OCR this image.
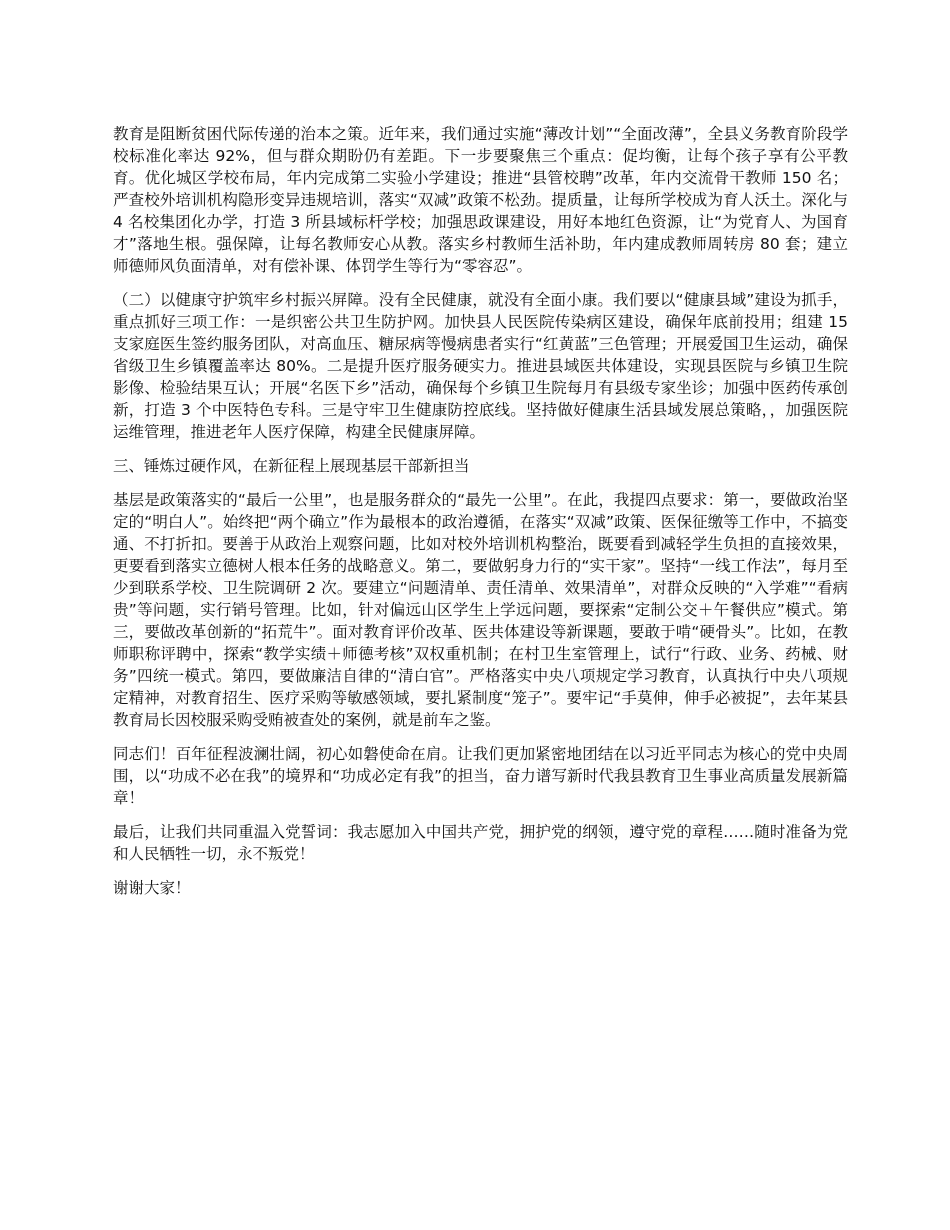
教育是阻断贫困代际传递的治本之策。近年来，我们通过实施“薄改计划”“全面改薄”，全县义务教育阶段学校标准化率达 92%，但与群众期盼仍有差距。下一步要聚焦三个重点：促均衡，让每个孩子享有公平教育。优化城区学校布局，年内完成第二实验小学建设；推进“县管校聘”改革，年内交流骨干教师 150 名；严查校外培训机构隐形变异违规培训，落实“双减”政策不松劲。提质量，让每所学校成为育人沃土。深化与 4 名校集团化办学，打造 3 所县域标杆学校；加强思政课建设，用好本地红色资源，让“为党育人、为国育才”落地生根。强保障，让每名教师安心从教。落实乡村教师生活补助，年内建成教师周转房 80 套；建立师德师风负面清单，对有偿补课、体罚学生等行为“零容忍”。

（二）以健康守护筑牢乡村振兴屏障。没有全民健康，就没有全面小康。我们要以“健康县域”建设为抓手，重点抓好三项工作：一是织密公共卫生防护网。加快县人民医院传染病区建设，确保年底前投用；组建 15 支家庭医生签约服务团队，对高血压、糖尿病等慢病患者实行“红黄蓝”三色管理；开展爱国卫生运动，确保省级卫生乡镇覆盖率达 80%。二是提升医疗服务硬实力。推进县域医共体建设，实现县医院与乡镇卫生院影像、检验结果互认；开展“名医下乡”活动，确保每个乡镇卫生院每月有县级专家坐诊；加强中医药传承创新，打造 3 个中医特色专科。三是守牢卫生健康防控底线。坚持做好健康生活县域发展总策略，，加强医院运维管理，推进老年人医疗保障，构建全民健康屏障。

三、锤炼过硬作风，在新征程上展现基层干部新担当

基层是政策落实的“最后一公里”，也是服务群众的“最先一公里”。在此，我提四点要求：第一，要做政治坚定的“明白人”。始终把“两个确立”作为最根本的政治遵循，在落实“双减”政策、医保征缴等工作中，不搞变通、不打折扣。要善于从政治上观察问题，比如对校外培训机构整治，既要看到减轻学生负担的直接效果，更要看到落实立德树人根本任务的战略意义。第二，要做躬身力行的“实干家”。坚持“一线工作法”，每月至少到联系学校、卫生院调研 2 次。要建立“问题清单、责任清单、效果清单”，对群众反映的“入学难”“看病贵”等问题，实行销号管理。比如，针对偏远山区学生上学远问题，要探索“定制公交＋午餐供应”模式。第三，要做改革创新的“拓荒牛”。面对教育评价改革、医共体建设等新课题，要敢于啃“硬骨头”。比如，在教师职称评聘中，探索“教学实绩＋师德考核”双权重机制；在村卫生室管理上，试行“行政、业务、药械、财务”四统一模式。第四，要做廉洁自律的“清白官”。严格落实中央八项规定学习教育，认真执行中央八项规定精神，对教育招生、医疗采购等敏感领域，要扎紧制度“笼子”。要牢记“手莫伸，伸手必被捉”，去年某县教育局长因校服采购受贿被查处的案例，就是前车之鉴。

同志们！百年征程波澜壮阔，初心如磐使命在肩。让我们更加紧密地团结在以习近平同志为核心的党中央周围，以“功成不必在我”的境界和“功成必定有我”的担当，奋力谱写新时代我县教育卫生事业高质量发展新篇章！

最后，让我们共同重温入党誓词：我志愿加入中国共产党，拥护党的纲领，遵守党的章程……随时准备为党和人民牺牲一切，永不叛党！

谢谢大家！
